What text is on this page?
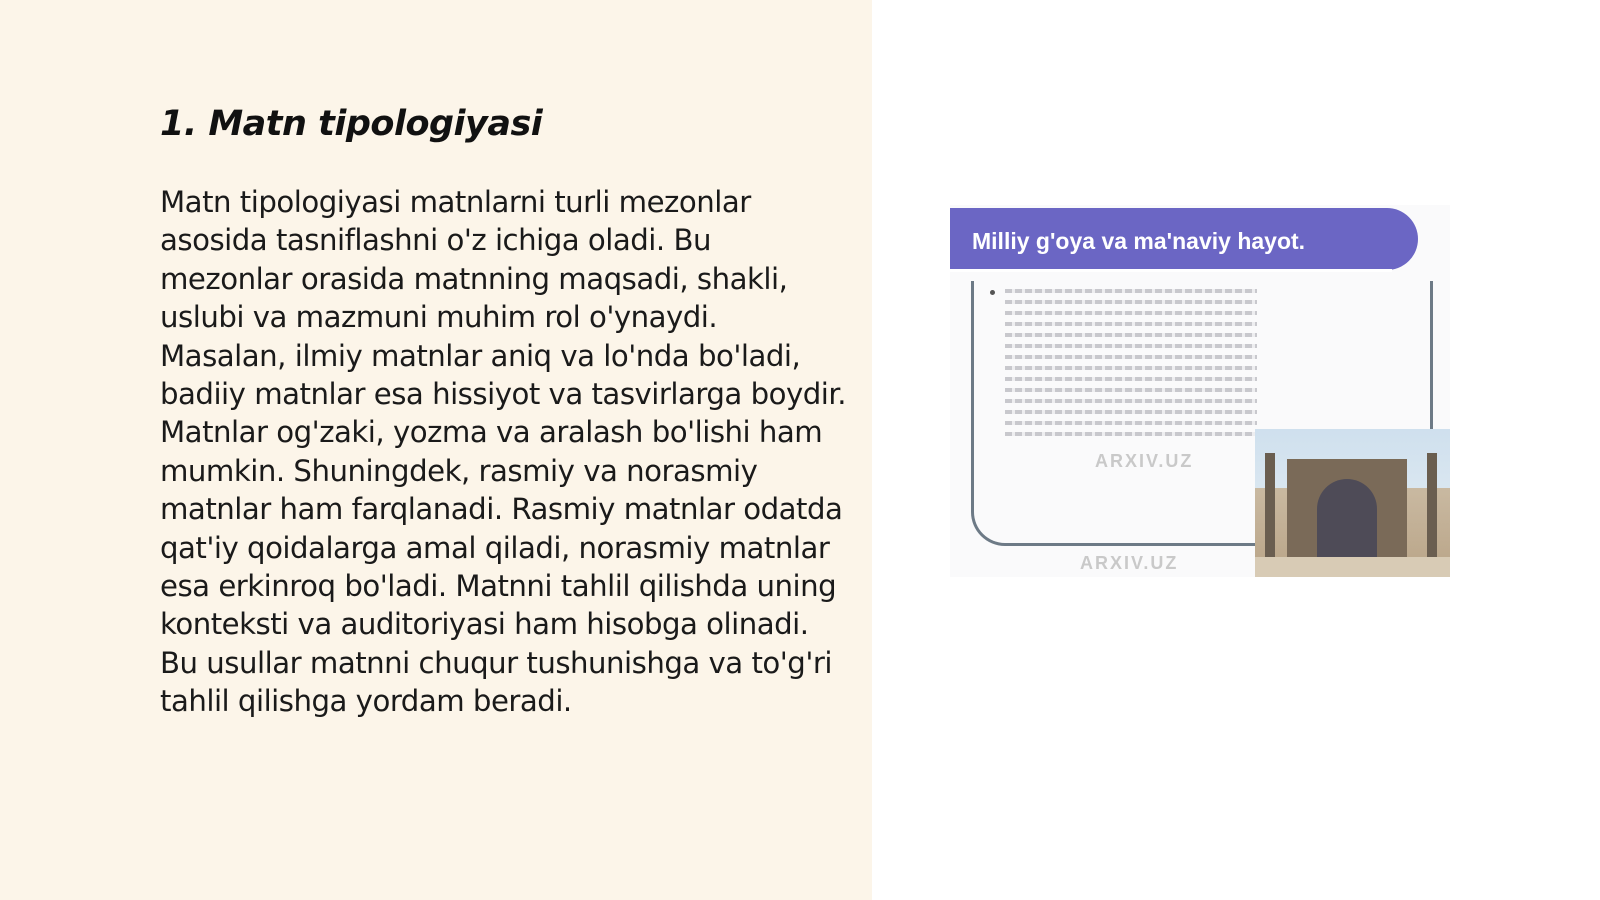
1. Matn tipologiyasi

Matn tipologiyasi matnlarni turli mezonlar asosida tasniflashni o'z ichiga oladi. Bu mezonlar orasida matnning maqsadi, shakli, uslubi va mazmuni muhim rol o'ynaydi. Masalan, ilmiy matnlar aniq va lo'nda bo'ladi, badiiy matnlar esa hissiyot va tasvirlarga boydir. Matnlar og'zaki, yozma va aralash bo'lishi ham mumkin. Shuningdek, rasmiy va norasmiy matnlar ham farqlanadi. Rasmiy matnlar odatda qat'iy qoidalarga amal qiladi, norasmiy matnlar esa erkinroq bo'ladi. Matnni tahlil qilishda uning konteksti va auditoriyasi ham hisobga olinadi. Bu usullar matnni chuqur tushunishga va to'g'ri tahlil qilishga yordam beradi.

Milliy g'oya va ma'naviy hayot.
ARXIV.UZ
ARXIV.UZ
